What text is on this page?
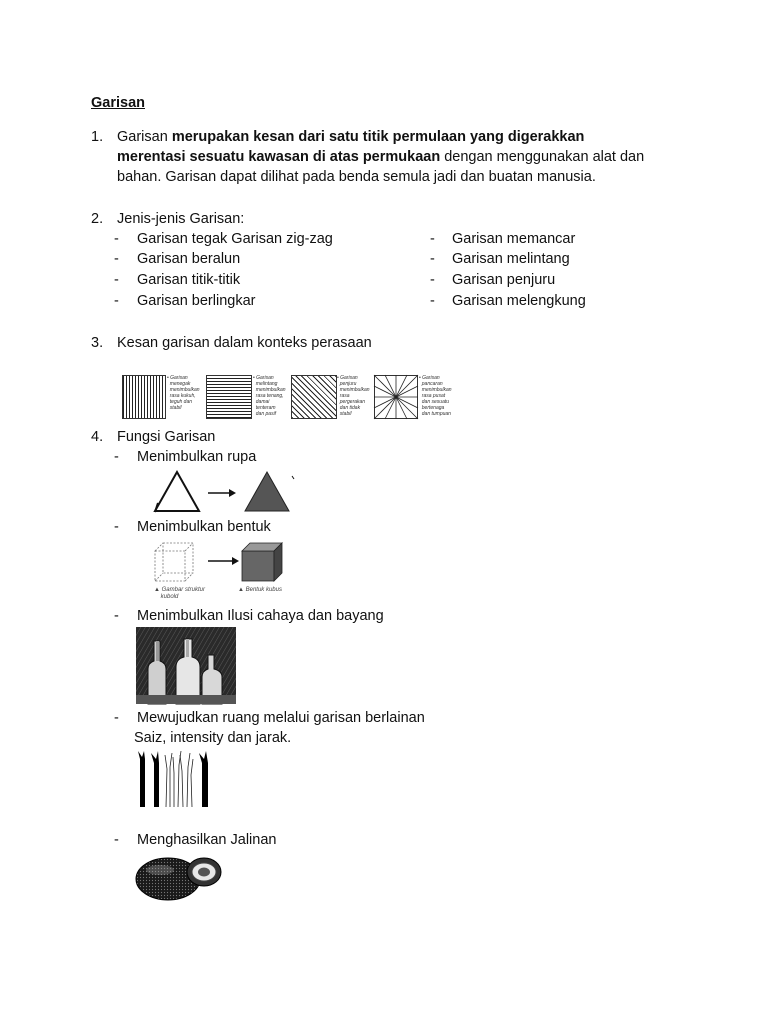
Garisan
1. Garisan merupakan kesan dari satu titik permulaan yang digerakkan
merentasi sesuatu kawasan di atas permukaan dengan menggunakan alat dan
bahan. Garisan dapat dilihat pada benda semula jadi dan buatan manusia.
2. Jenis-jenis Garisan:
- Garisan tegak Garisan zig-zag
- Garisan beralun
- Garisan titik-titik
- Garisan berlingkar
- Garisan memancar
- Garisan melintang
- Garisan penjuru
- Garisan melengkung
3. Kesan garisan dalam konteks perasaan
• Garisan
menegak
menimbulkan
rasa kukuh,
teguh dan
stabil
• Garisan
melintang
menimbulkan
rasa tenang,
damai
tenteram
dan pasif
• Garisan
penjuru
menimbulkan
rasa
pergerakan
dan tidak
stabil
• Garisan
pancaran
menimbulkan
rasa pusat
dan sesuatu
bertenaga
dan tumpuan
4. Fungsi Garisan
- Menimbulkan rupa
- Menimbulkan bentuk
▲ Gambar struktur
kubold
▲ Bentuk kubus
- Menimbulkan Ilusi cahaya dan bayang
- Mewujudkan ruang melalui garisan berlainan
Saiz, intensity dan jarak.
- Menghasilkan Jalinan
